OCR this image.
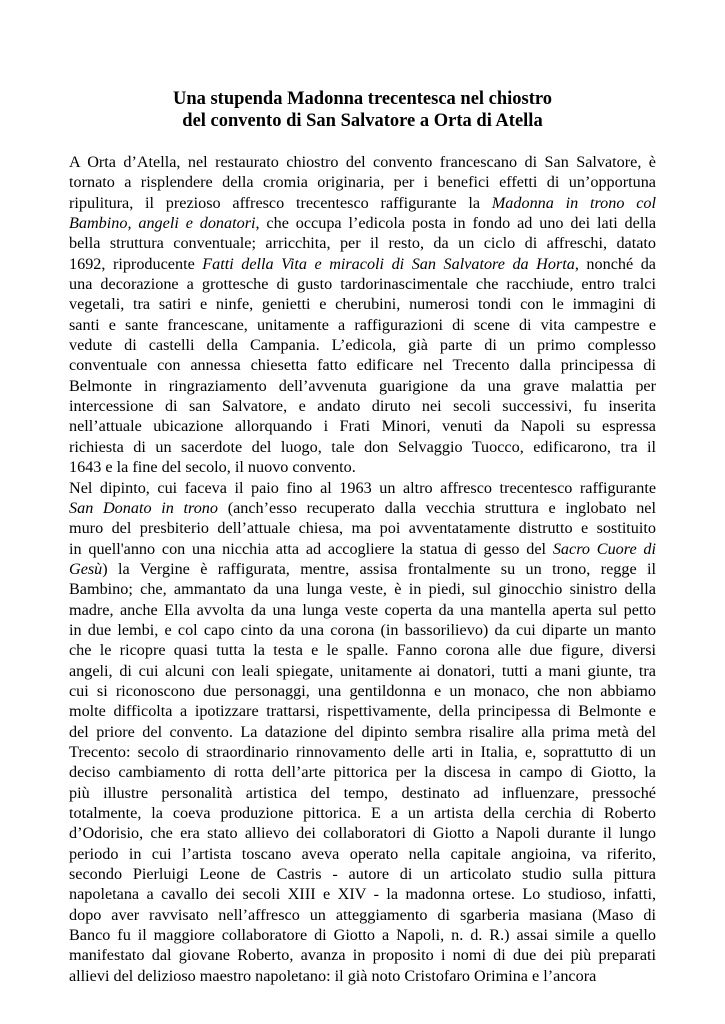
Una stupenda Madonna trecentesca nel chiostro
del convento di San Salvatore a Orta di Atella
A Orta d’Atella, nel restaurato chiostro del convento francescano di San Salvatore, è
tornato a risplendere della cromia originaria, per i benefici effetti di un’opportuna
ripulitura, il prezioso affresco trecentesco raffigurante la Madonna in trono col
Bambino, angeli e donatori, che occupa l’edicola posta in fondo ad uno dei lati della
bella struttura conventuale; arricchita, per il resto, da un ciclo di affreschi, datato
1692, riproducente Fatti della Vita e miracoli di San Salvatore da Horta, nonché da
una decorazione a grottesche di gusto tardorinascimentale che racchiude, entro tralci
vegetali, tra satiri e ninfe, genietti e cherubini, numerosi tondi con le immagini di
santi e sante francescane, unitamente a raffigurazioni di scene di vita campestre e
vedute di castelli della Campania. L’edicola, già parte di un primo complesso
conventuale con annessa chiesetta fatto edificare nel Trecento dalla principessa di
Belmonte in ringraziamento dell’avvenuta guarigione da una grave malattia per
intercessione di san Salvatore, e andato diruto nei secoli successivi, fu inserita
nell’attuale ubicazione allorquando i Frati Minori, venuti da Napoli su espressa
richiesta di un sacerdote del luogo, tale don Selvaggio Tuocco, edificarono, tra il
1643 e la fine del secolo, il nuovo convento.
Nel dipinto, cui faceva il paio fino al 1963 un altro affresco trecentesco raffigurante
San Donato in trono (anch’esso recuperato dalla vecchia struttura e inglobato nel
muro del presbiterio dell’attuale chiesa, ma poi avventatamente distrutto e sostituito
in quell'anno con una nicchia atta ad accogliere la statua di gesso del Sacro Cuore di
Gesù) la Vergine è raffigurata, mentre, assisa frontalmente su un trono, regge il
Bambino; che, ammantato da una lunga veste, è in piedi, sul ginocchio sinistro della
madre, anche Ella avvolta da una lunga veste coperta da una mantella aperta sul petto
in due lembi, e col capo cinto da una corona (in bassorilievo) da cui diparte un manto
che le ricopre quasi tutta la testa e le spalle. Fanno corona alle due figure, diversi
angeli, di cui alcuni con leali spiegate, unitamente ai donatori, tutti a mani giunte, tra
cui si riconoscono due personaggi, una gentildonna e un monaco, che non abbiamo
molte difficolta a ipotizzare trattarsi, rispettivamente, della principessa di Belmonte e
del priore del convento. La datazione del dipinto sembra risalire alla prima metà del
Trecento: secolo di straordinario rinnovamento delle arti in Italia, e, soprattutto di un
deciso cambiamento di rotta dell’arte pittorica per la discesa in campo di Giotto, la
più illustre personalità artistica del tempo, destinato ad influenzare, pressoché
totalmente, la coeva produzione pittorica. E a un artista della cerchia di Roberto
d’Odorisio, che era stato allievo dei collaboratori di Giotto a Napoli durante il lungo
periodo in cui l’artista toscano aveva operato nella capitale angioina, va riferito,
secondo Pierluigi Leone de Castris - autore di un articolato studio sulla pittura
napoletana a cavallo dei secoli XIII e XIV - la madonna ortese. Lo studioso, infatti,
dopo aver ravvisato nell’affresco un atteggiamento di sgarberia masiana (Maso di
Banco fu il maggiore collaboratore di Giotto a Napoli, n. d. R.) assai simile a quello
manifestato dal giovane Roberto, avanza in proposito i nomi di due dei più preparati
allievi del delizioso maestro napoletano: il già noto Cristofaro Orimina e l’ancora
